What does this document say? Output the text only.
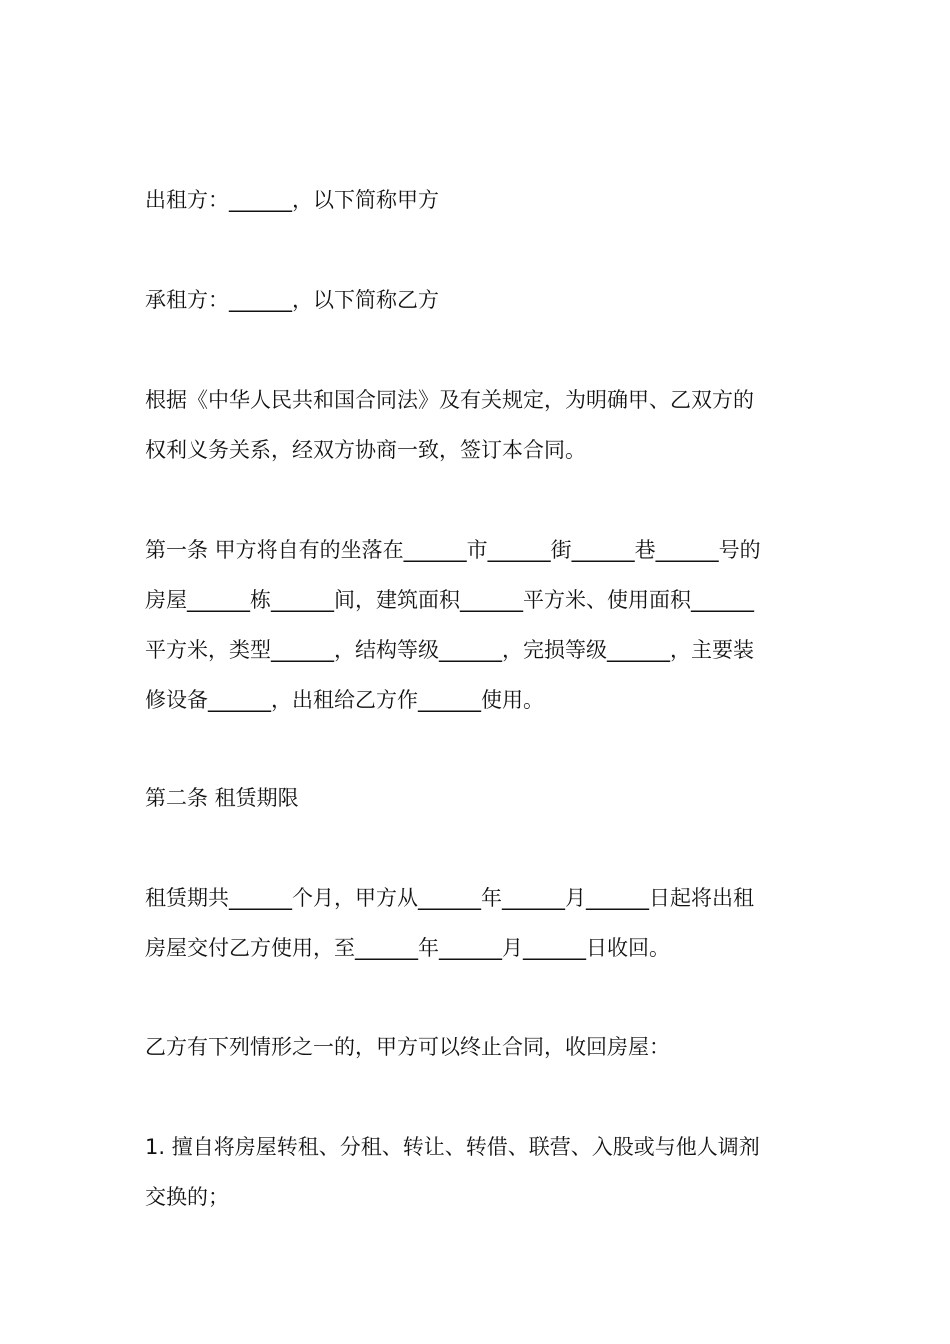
出租方：______，以下简称甲方

承租方：______，以下简称乙方

根据《中华人民共和国合同法》及有关规定，为明确甲、乙双方的
权利义务关系，经双方协商一致，签订本合同。

第一条 甲方将自有的坐落在______市______街______巷______号的
房屋______栋______间，建筑面积______平方米、使用面积______
平方米，类型______，结构等级______，完损等级______，主要装
修设备______，出租给乙方作______使用。

第二条 租赁期限

租赁期共______个月，甲方从______年______月______日起将出租
房屋交付乙方使用，至______年______月______日收回。

乙方有下列情形之一的，甲方可以终止合同，收回房屋：

1. 擅自将房屋转租、分租、转让、转借、联营、入股或与他人调剂
交换的；
